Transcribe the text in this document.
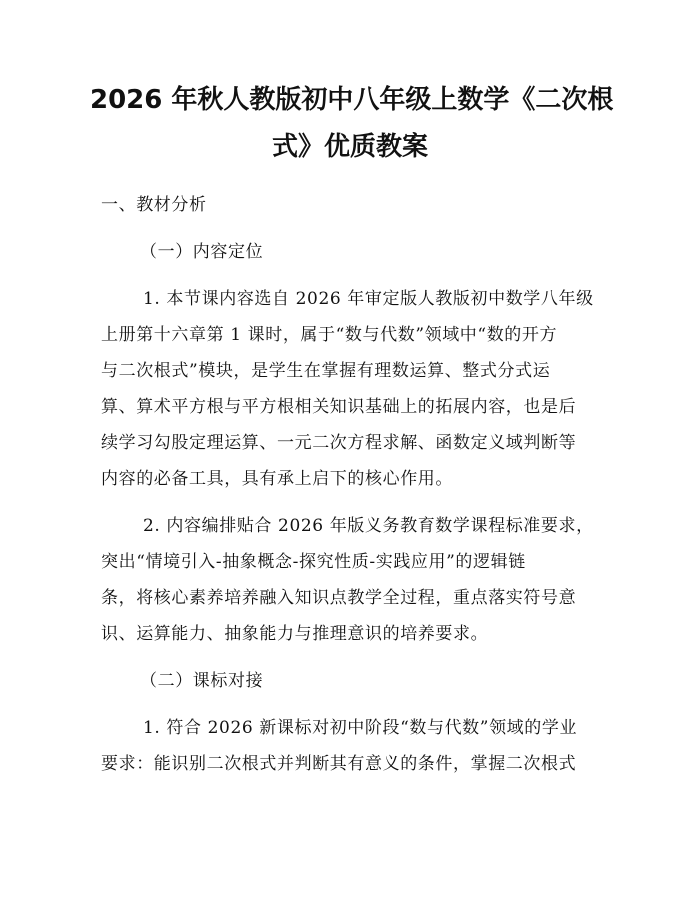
2026 年秋人教版初中八年级上数学《二次根
式》优质教案

一、教材分析

（一）内容定位

1. 本节课内容选自 2026 年审定版人教版初中数学八年级

上册第十六章第 1 课时，属于“数与代数”领域中“数的开方

与二次根式”模块，是学生在掌握有理数运算、整式分式运

算、算术平方根与平方根相关知识基础上的拓展内容，也是后

续学习勾股定理运算、一元二次方程求解、函数定义域判断等

内容的必备工具，具有承上启下的核心作用。

2. 内容编排贴合 2026 年版义务教育数学课程标准要求，

突出“情境引入-抽象概念-探究性质-实践应用”的逻辑链

条，将核心素养培养融入知识点教学全过程，重点落实符号意

识、运算能力、抽象能力与推理意识的培养要求。

（二）课标对接

1. 符合 2026 新课标对初中阶段“数与代数”领域的学业

要求：能识别二次根式并判断其有意义的条件，掌握二次根式
